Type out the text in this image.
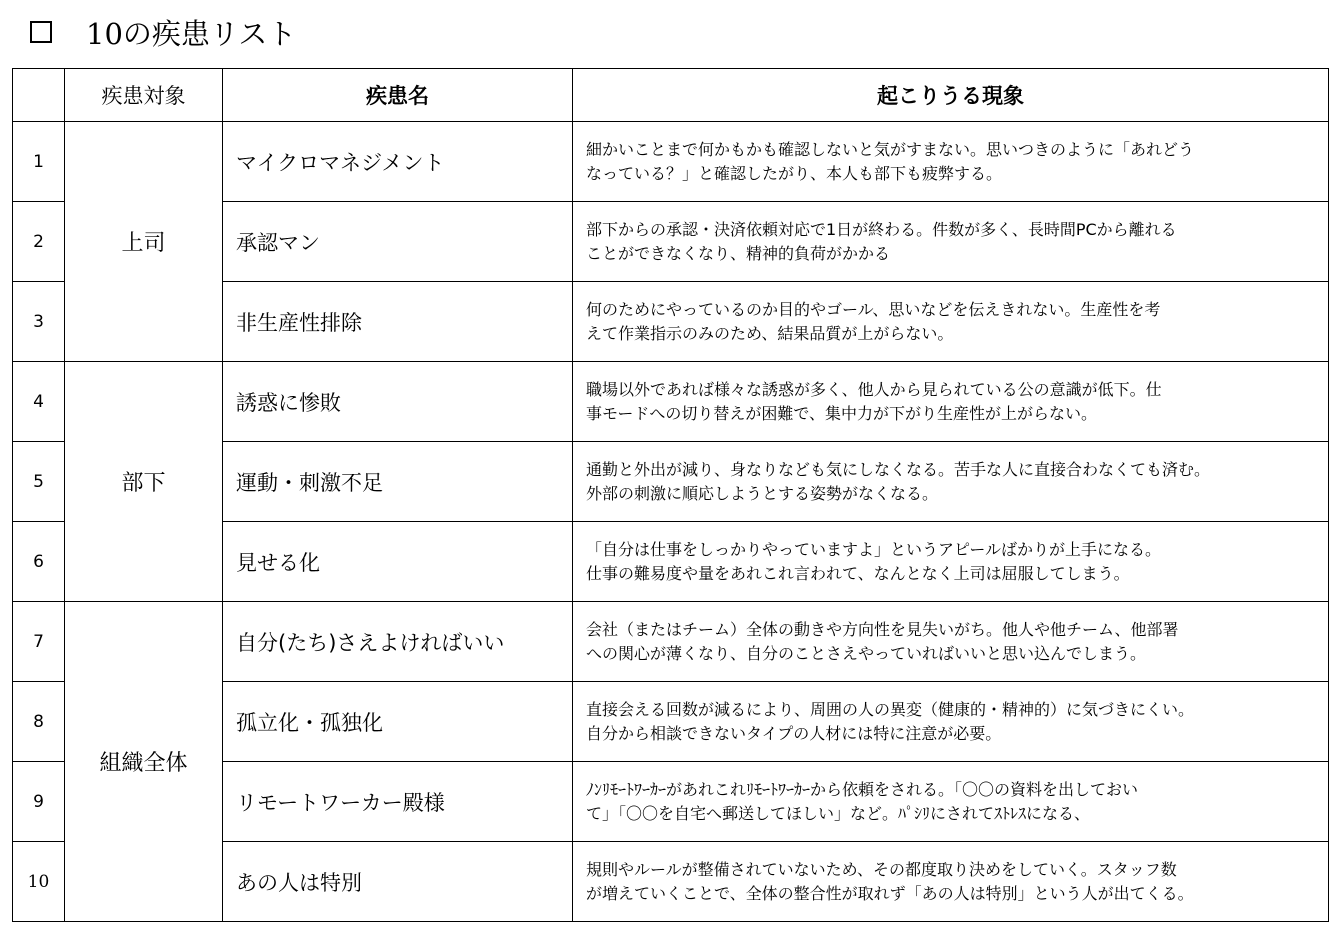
10の疾患リスト
	疾患対象	疾患名	起こりうる現象
1	上司	マイクロマネジメント	細かいことまで何かもかも確認しないと気がすまない。思いつきのように「あれどう
なっている？」と確認したがり、本人も部下も疲弊する。

2		承認マン	部下からの承認・決済依頼対応で1日が終わる。件数が多く、長時間PCから離れる
ことができなくなり、精神的負荷がかかる

3		非生産性排除	何のためにやっているのか目的やゴール、思いなどを伝えきれない。生産性を考
えて作業指示のみのため、結果品質が上がらない。

4	部下	誘惑に惨敗	職場以外であれば様々な誘惑が多く、他人から見られている公の意識が低下。仕
事モードへの切り替えが困難で、集中力が下がり生産性が上がらない。

5		運動・刺激不足	通勤と外出が減り、身なりなども気にしなくなる。苦手な人に直接合わなくても済む。
外部の刺激に順応しようとする姿勢がなくなる。

6		見せる化	「自分は仕事をしっかりやっていますよ」というアピールばかりが上手になる。
仕事の難易度や量をあれこれ言われて、なんとなく上司は屈服してしまう。

7	組織全体	自分(たち)さえよければいい	会社（またはチーム）全体の動きや方向性を見失いがち。他人や他チーム、他部署
への関心が薄くなり、自分のことさえやっていればいいと思い込んでしまう。

8		孤立化・孤独化	直接会える回数が減るにより、周囲の人の異変（健康的・精神的）に気づきにくい。
自分から相談できないタイプの人材には特に注意が必要。

9		リモートワーカー殿様	ﾉﾝﾘﾓｰﾄﾜｰｶｰがあれこれﾘﾓｰﾄﾜｰｶｰから依頼をされる。「〇〇の資料を出しておい
て」「〇〇を自宅へ郵送してほしい」など。ﾊﾟｼﾘにされてｽﾄﾚｽになる、

10		あの人は特別	規則やルールが整備されていないため、その都度取り決めをしていく。スタッフ数
が増えていくことで、全体の整合性が取れず「あの人は特別」という人が出てくる。
